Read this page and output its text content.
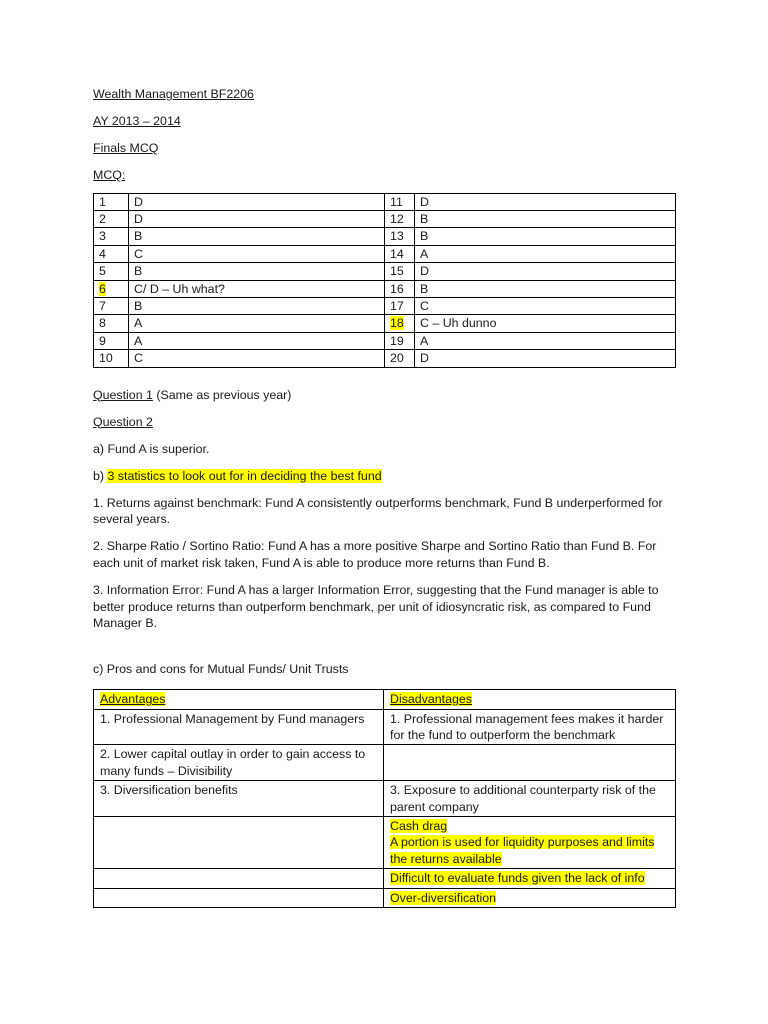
Wealth Management BF2206

AY 2013 – 2014

Finals MCQ

MCQ:

1	D	11	D
2	D	12	B
3	B	13	B
4	C	14	A
5	B	15	D
6	C/ D – Uh what?	16	B
7	B	17	C
8	A	18	C – Uh dunno
9	A	19	A
10	C	20	D

Question 1 (Same as previous year)

Question 2

a) Fund A is superior.

b) 3 statistics to look out for in deciding the best fund

1. Returns against benchmark: Fund A consistently outperforms benchmark, Fund B underperformed for several years.

2. Sharpe Ratio / Sortino Ratio: Fund A has a more positive Sharpe and Sortino Ratio than Fund B. For each unit of market risk taken, Fund A is able to produce more returns than Fund B.

3. Information Error: Fund A has a larger Information Error, suggesting that the Fund manager is able to better produce returns than outperform benchmark, per unit of idiosyncratic risk, as compared to Fund Manager B.

c) Pros and cons for Mutual Funds/ Unit Trusts

Advantages	Disadvantages
1. Professional Management by Fund managers	1. Professional management fees makes it harder for the fund to outperform the benchmark
2. Lower capital outlay in order to gain access to many funds – Divisibility	
3. Diversification benefits	3. Exposure to additional counterparty risk of the parent company

	Cash drag
A portion is used for liquidity purposes and limits the returns available
	Difficult to evaluate funds given the lack of info
	Over-diversification
